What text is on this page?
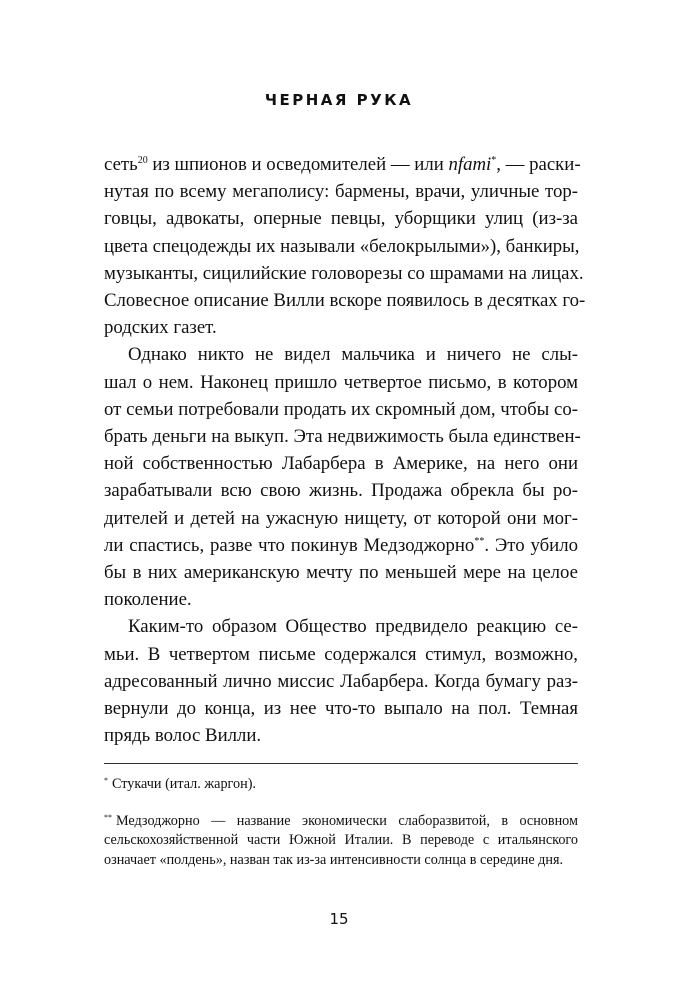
ЧЕРНАЯ РУКА
сеть$^{20}$ из шпионов и осведомителей — или nfami*, — раски-
нутая по всему мегаполису: бармены, врачи, уличные тор-
говцы, адвокаты, оперные певцы, уборщики улиц (из-за
цвета спецодежды их называли «белокрылыми»), банкиры,
музыканты, сицилийские головорезы со шрамами на лицах.
Словесное описание Вилли вскоре появилось в десятках го-
родских газет.
Однако никто не видел мальчика и ничего не слы-
шал о нем. Наконец пришло четвертое письмо, в котором
от семьи потребовали продать их скромный дом, чтобы со-
брать деньги на выкуп. Эта недвижимость была единствен-
ной собственностью Лабарбера в Америке, на него они
зарабатывали всю свою жизнь. Продажа обрекла бы ро-
дителей и детей на ужасную нищету, от которой они мог-
ли спастись, разве что покинув Медзоджорно**. Это убило
бы в них американскую мечту по меньшей мере на целое
поколение.
Каким-то образом Общество предвидело реакцию се-
мьи. В четвертом письме содержался стимул, возможно,
адресованный лично миссис Лабарбера. Когда бумагу раз-
вернули до конца, из нее что-то выпало на пол. Темная
прядь волос Вилли.
* Стукачи (итал. жаргон).
** Медзоджорно — название экономически слаборазвитой, в основном сельскохозяйственной части Южной Италии. В переводе с итальянского означает «полдень», назван так из-за интенсивности солнца в середине дня.
15
